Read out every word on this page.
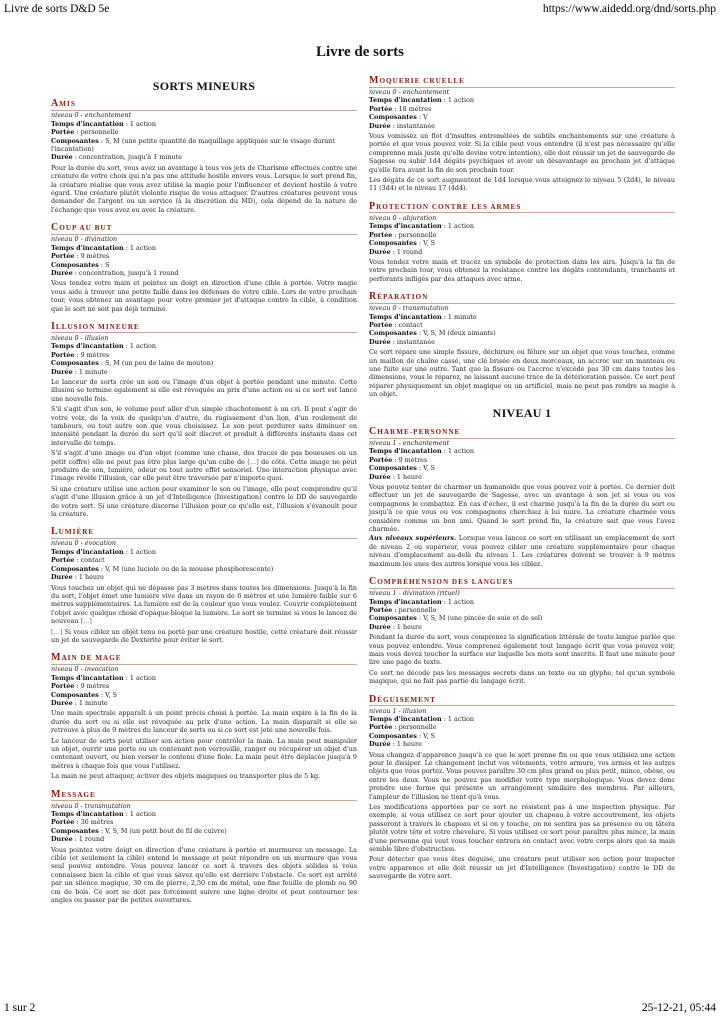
Livre de sorts D&D 5e	https://www.aidedd.org/dnd/sorts.php
Livre de sorts
SORTS MINEURS
AMIS
niveau 0 - enchantement
Temps d'incantation : 1 action
Portée : personnelle
Composantes : S, M (une petite quantité de maquillage appliquée sur le visage durant l'incantation)
Durée : concentration, jusqu'à 1 minute

Pour la durée du sort, vous avez un avantage à tous vos jets de Charisme effectués contre une créature de votre choix qui n'a pas une attitude hostile envers vous. Lorsque le sort prend fin, la créature réalise que vous avez utilisé la magie pour l'influencer et devient hostile à votre égard. Une créature plutôt violente risque de vous attaquer. D'autres créatures peuvent vous demander de l'argent ou un service (à la discrétion du MD), cela dépend de la nature de l'échange que vous avez eu avec la créature.

COUP AU BUT
niveau 0 - divination
Temps d'incantation : 1 action
Portée : 9 mètres
Composantes : S
Durée : concentration, jusqu'à 1 round

Vous tendez votre main et pointez un doigt en direction d'une cible à portée. Votre magie vous aide à trouver une petite faille dans les défenses de votre cible. Lors de votre prochain tour, vous obtenez un avantage pour votre premier jet d'attaque contre la cible, à condition que le sort ne soit pas déjà terminé.

ILLUSION MINEURE
niveau 0 - illusion
Temps d'incantation : 1 action
Portée : 9 mètres
Composantes : S, M (un peu de laine de mouton)
Durée : 1 minute

Le lanceur de sorts crée un son ou l'image d'un objet à portée pendant une minute. Cette illusion se termine également si elle est révoquée au prix d'une action ou si ce sort est lancé une nouvelle fois.

S'il s'agit d'un son, le volume peut aller d'un simple chuchotement à un cri. Il peut s'agir de votre voix, de la voix de quelqu'un d'autre, du rugissement d'un lion, d'un roulement de tambours, ou tout autre son que vous choisissez. Le son peut perdurer sans diminuer en intensité pendant la durée du sort qu'il soit discret et produit à différents instants dans cet intervalle de temps.

S'il s'agit d'une image ou d'un objet (comme une chaise, des traces de pas boueuses ou un petit coffre) elle ne peut pas être plus large qu'un cube de […] de côté. Cette image ne peut produire de son, lumière, odeur ou tout autre effet sensoriel. Une interaction physique avec l'image révèle l'illusion, car elle peut être traversée par n'importe quoi.

Si une créature utilise une action pour examiner le son ou l'image, elle peut comprendre qu'il s'agit d'une illusion grâce à un jet d'Intelligence (Investigation) contre le DD de sauvegarde de votre sort. Si une créature discerne l'illusion pour ce qu'elle est, l'illusion s'évanouit pour la créature.

LUMIÈRE
niveau 0 - évocation
Temps d'incantation : 1 action
Portée : contact
Composantes : V, M (une luciole ou de la mousse phosphorescente)
Durée : 1 heure

Vous touchez un objet qui ne dépasse pas 3 mètres dans toutes les dimensions. Jusqu'à la fin du sort, l'objet émet une lumière vive dans un rayon de 6 mètres et une lumière faible sur 6 mètres supplémentaires. La lumière est de la couleur que vous voulez. Couvrir complètement l'objet avec quelque chose d'opaque bloque la lumière. Le sort se termine si vous le lancez de nouveau […]

[…] Si vous ciblez un objet tenu ou porté par une créature hostile, cette créature doit réussir un jet de sauvegarde de Dextérité pour éviter le sort.

MAIN DE MAGE
niveau 0 - invocation
Temps d'incantation : 1 action
Portée : 9 mètres
Composantes : V, S
Durée : 1 minute

Une main spectrale apparaît à un point précis choisi à portée. La main expire à la fin de la durée du sort ou si elle est révoquée au prix d'une action. La main disparaît si elle se retrouve à plus de 9 mètres du lanceur de sorts ou si ce sort est jeté une nouvelle fois.

Le lanceur de sorts peut utiliser son action pour contrôler la main. La main peut manipuler un objet, ouvrir une porte ou un contenant non verrouillé, ranger ou récupérer un objet d'un contenant ouvert, ou bien verser le contenu d'une fiole. La main peut être déplacée jusqu'à 9 mètres à chaque fois que vous l'utilisez.

La main ne peut attaquer, activer des objets magiques ou transporter plus de 5 kg.

MESSAGE
niveau 0 - transmutation
Temps d'incantation : 1 action
Portée : 36 mètres
Composantes : V, S, M (un petit bout de fil de cuivre)
Durée : 1 round

Vous pointez votre doigt en direction d'une créature à portée et murmurez un message. La cible (et seulement la cible) entend le message et peut répondre en un murmure que vous seul pouvez entendre. Vous pouvez lancer ce sort à travers des objets solides si vous connaissez bien la cible et que vous savez qu'elle est derrière l'obstacle. Ce sort est arrêté par un silence magique, 30 cm de pierre, 2,50 cm de métal, une fine feuille de plomb ou 90 cm de bois. Ce sort ne doit pas forcément suivre une ligne droite et peut contourner les angles ou passer par de petites ouvertures.

MOQUERIE CRUELLE
niveau 0 - enchantement
Temps d'incantation : 1 action
Portée : 18 mètres
Composantes : V
Durée : instantanée

Vous vomissez un flot d'insultes entremêlées de subtils enchantements sur une créature à portée et que vous pouvez voir. Si la cible peut vous entendre (il n'est pas nécessaire qu'elle comprenne mais juste qu'elle devine votre intention), elle doit réussir un jet de sauvegarde de Sagesse ou subir 1d4 dégâts psychiques et avoir un désavantage au prochain jet d'attaque qu'elle fera avant la fin de son prochain tour.

Les dégâts de ce sort augmentent de 1d4 lorsque vous atteignez le niveau 5 (2d4), le niveau 11 (3d4) et le niveau 17 (4d4).

PROTECTION CONTRE LES ARMES
niveau 0 - abjuration
Temps d'incantation : 1 action
Portée : personnelle
Composantes : V, S
Durée : 1 round

Vous tendez votre main et tracez un symbole de protection dans les airs. Jusqu'à la fin de votre prochain tour, vous obtenez la résistance contre les dégâts contondants, tranchants et perforants infligés par des attaques avec arme.

RÉPARATION
niveau 0 - transmutation
Temps d'incantation : 1 minute
Portée : contact
Composantes : V, S, M (deux aimants)
Durée : instantanée

Ce sort répare une simple fissure, déchirure ou fêlure sur un objet que vous touchez, comme un maillon de chaîne cassé, une clé brisée en deux morceaux, un accroc sur un manteau ou une fuite sur une outre. Tant que la fissure ou l'accroc n'excède pas 30 cm dans toutes les dimensions, vous le réparez, ne laissant aucune trace de la détérioration passée. Ce sort peut réparer physiquement un objet magique ou un artificiel, mais ne peut pas rendre sa magie à un objet.

NIVEAU 1
CHARME-PERSONNE
niveau 1 - enchantement
Temps d'incantation : 1 action
Portée : 9 mètres
Composantes : V, S
Durée : 1 heure

Vous pouvez tenter de charmer un humanoïde que vous pouvez voir à portée. Ce dernier doit effectuer un jet de sauvegarde de Sagesse, avec un avantage à son jet si vous ou vos compagnons le combattez. En cas d'échec, il est charmé jusqu'à la fin de la durée du sort ou jusqu'à ce que vous ou vos compagnons cherchiez à lui nuire. La créature charmée vous considère comme un bon ami. Quand le sort prend fin, la créature sait que vous l'avez charmée.

Aux niveaux supérieurs. Lorsque vous lancez ce sort en utilisant un emplacement de sort de niveau 2 ou supérieur, vous pouvez cibler une créature supplémentaire pour chaque niveau d'emplacement au-delà du niveau 1. Les créatures doivent se trouver à 9 mètres maximum les unes des autres lorsque vous les ciblez.

COMPRÉHENSION DES LANGUES
niveau 1 - divination (rituel)
Temps d'incantation : 1 action
Portée : personnelle
Composantes : V, S, M (une pincée de suie et de sel)
Durée : 1 heure

Pendant la durée du sort, vous comprenez la signification littérale de toute langue parlée que vous pouvez entendre. Vous comprenez également tout langage écrit que vous pouvez voir, mais vous devez toucher la surface sur laquelle les mots sont inscrits. Il faut une minute pour lire une page de texte.

Ce sort ne décode pas les messages secrets dans un texte ou un glyphe, tel qu'un symbole magique, qui ne fait pas partie du langage écrit.

DÉGUISEMENT
niveau 1 - illusion
Temps d'incantation : 1 action
Portée : personnelle
Composantes : V, S
Durée : 1 heure

Vous changez d'apparence jusqu'à ce que le sort prenne fin ou que vous utilisiez une action pour le dissiper. Le changement inclut vos vêtements, votre armure, vos armes et les autres objets que vous portez. Vous pouvez paraître 30 cm plus grand ou plus petit, mince, obèse, ou entre les deux. Vous ne pouvez pas modifier votre type morphologique. Vous devez donc prendre une forme qui présente un arrangement similaire des membres. Par ailleurs, l'ampleur de l'illusion ne tient qu'à vous.

Les modifications apportées par ce sort ne résistent pas à une inspection physique. Par exemple, si vous utilisez ce sort pour ajouter un chapeau à votre accoutrement, les objets passeront à travers le chapeau et si on y touche, on ne sentira pas sa présence ou on tâtera plutôt votre tête et votre chevelure. Si vous utilisez ce sort pour paraître plus mince, la main d'une personne qui veut vous toucher entrera en contact avec votre corps alors que sa main semble libre d'obstruction.

Pour détecter que vous êtes déguisé, une créature peut utiliser son action pour inspecter votre apparence et elle doit réussir un jet d'Intelligence (Investigation) contre le DD de sauvegarde de votre sort.

1 sur 2	25-12-21, 05:44
